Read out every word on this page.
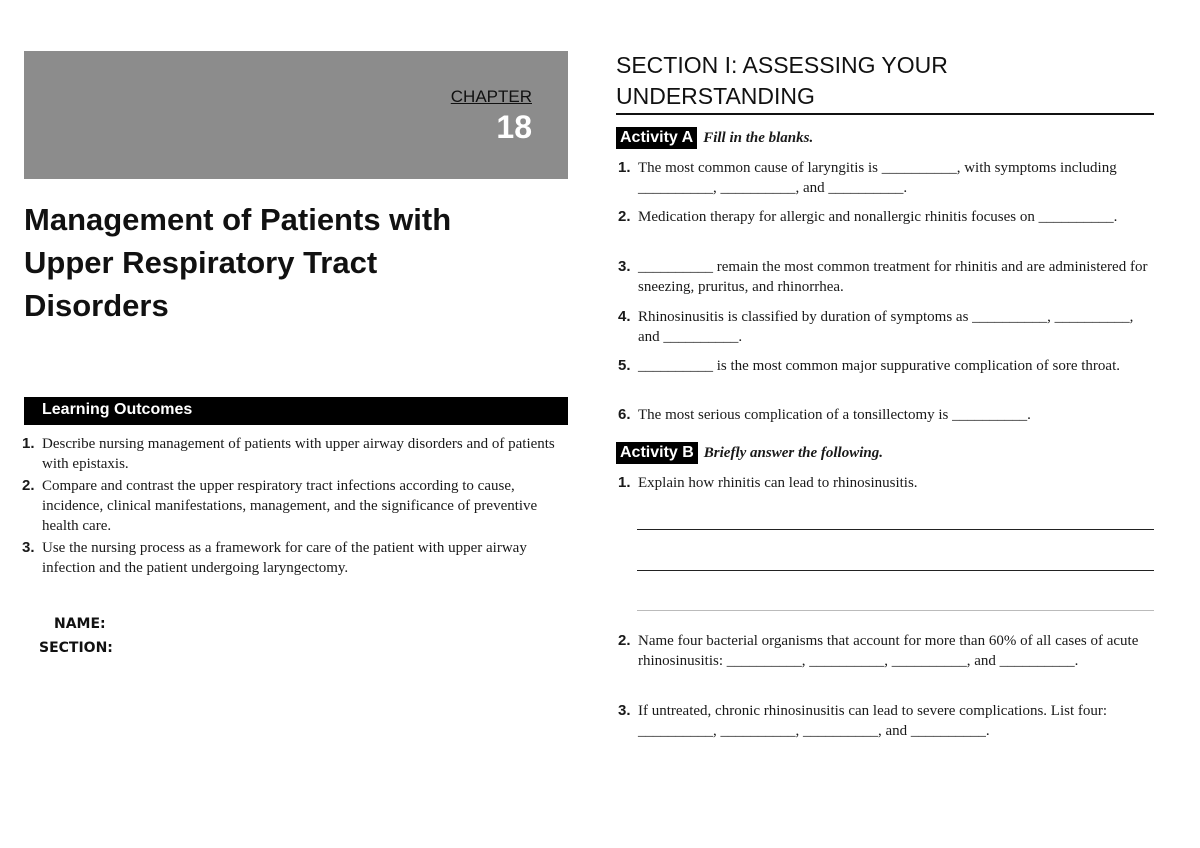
CHAPTER
18
Management of Patients with
Upper Respiratory Tract
Disorders
Learning Outcomes
1. Describe nursing management of patients with upper airway disorders and of patients with epistaxis.
2. Compare and contrast the upper respiratory tract infections according to cause, incidence, clinical manifestations, management, and the significance of preventive health care.
3. Use the nursing process as a framework for care of the patient with upper airway infection and the patient undergoing laryngectomy.
NAME:
SECTION:
SECTION I: ASSESSING YOUR
UNDERSTANDING
Activity A Fill in the blanks.
1. The most common cause of laryngitis is __________, with symptoms including __________, __________, and __________.
2. Medication therapy for allergic and nonallergic rhinitis focuses on __________.
3. __________ remain the most common treatment for rhinitis and are administered for sneezing, pruritus, and rhinorrhea.
4. Rhinosinusitis is classified by duration of symptoms as __________, __________, and __________.
5. __________ is the most common major suppurative complication of sore throat.
6. The most serious complication of a tonsillectomy is __________.
Activity B Briefly answer the following.
1. Explain how rhinitis can lead to rhinosinusitis.
2. Name four bacterial organisms that account for more than 60% of all cases of acute rhinosinusitis: __________, __________, __________, and __________.
3. If untreated, chronic rhinosinusitis can lead to severe complications. List four: __________, __________, __________, and __________.
